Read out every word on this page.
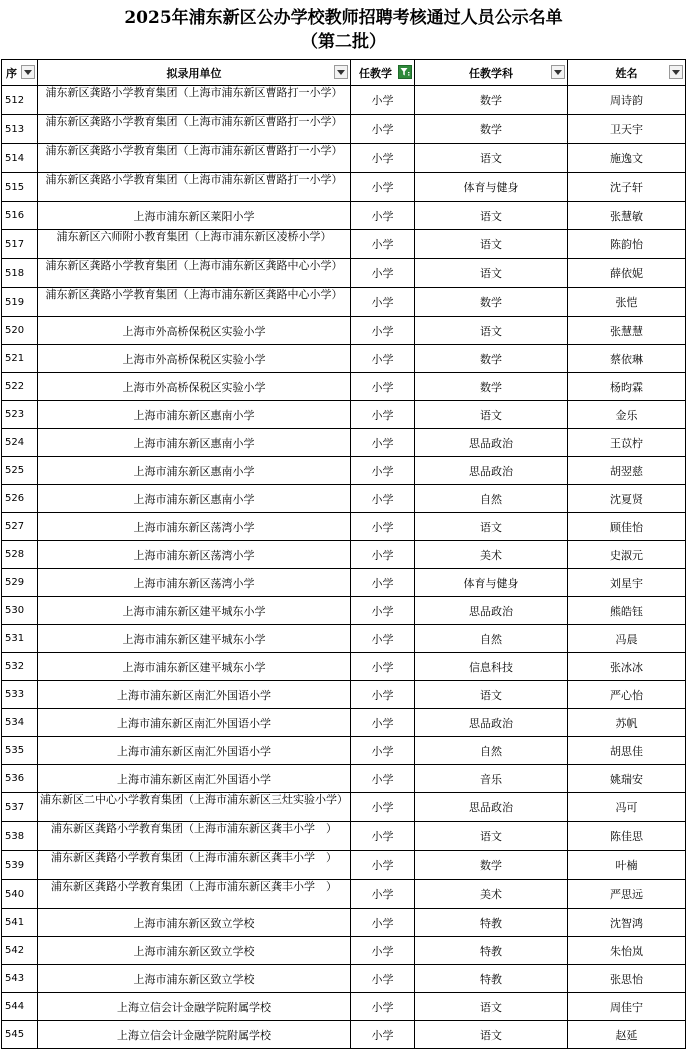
2025年浦东新区公办学校教师招聘考核通过人员公示名单
（第二批）
序	拟录用单位	任教学	任教学科	姓名

512	浦东新区龚路小学教育集团（上海市浦东新区曹路打一小学）	小学	数学	周诗韵
513	浦东新区龚路小学教育集团（上海市浦东新区曹路打一小学）	小学	数学	卫天宇
514	浦东新区龚路小学教育集团（上海市浦东新区曹路打一小学）	小学	语文	施逸文
515	浦东新区龚路小学教育集团（上海市浦东新区曹路打一小学）	小学	体育与健身	沈子轩
516	上海市浦东新区莱阳小学	小学	语文	张慧敏
517	浦东新区六师附小教育集团（上海市浦东新区凌桥小学）	小学	语文	陈韵怡
518	浦东新区龚路小学教育集团（上海市浦东新区龚路中心小学）	小学	语文	薛依妮
519	浦东新区龚路小学教育集团（上海市浦东新区龚路中心小学）	小学	数学	张恺
520	上海市外高桥保税区实验小学	小学	语文	张慧慧
521	上海市外高桥保税区实验小学	小学	数学	蔡依琳
522	上海市外高桥保税区实验小学	小学	数学	杨昀霖
523	上海市浦东新区惠南小学	小学	语文	金乐
524	上海市浦东新区惠南小学	小学	思品政治	王苡柠
525	上海市浦东新区惠南小学	小学	思品政治	胡翌慈
526	上海市浦东新区惠南小学	小学	自然	沈夏贤
527	上海市浦东新区荡湾小学	小学	语文	顾佳怡
528	上海市浦东新区荡湾小学	小学	美术	史淑元
529	上海市浦东新区荡湾小学	小学	体育与健身	刘星宇
530	上海市浦东新区建平城东小学	小学	思品政治	熊皓钰
531	上海市浦东新区建平城东小学	小学	自然	冯晨
532	上海市浦东新区建平城东小学	小学	信息科技	张冰冰
533	上海市浦东新区南汇外国语小学	小学	语文	严心怡
534	上海市浦东新区南汇外国语小学	小学	思品政治	苏帆
535	上海市浦东新区南汇外国语小学	小学	自然	胡思佳
536	上海市浦东新区南汇外国语小学	小学	音乐	姚瑞安
537	浦东新区二中心小学教育集团（上海市浦东新区三灶实验小学）	小学	思品政治	冯可
538	浦东新区龚路小学教育集团（上海市浦东新区龚丰小学　）	小学	语文	陈佳思
539	浦东新区龚路小学教育集团（上海市浦东新区龚丰小学　）	小学	数学	叶楠
540	浦东新区龚路小学教育集团（上海市浦东新区龚丰小学　）	小学	美术	严思远
541	上海市浦东新区致立学校	小学	特教	沈智鸿
542	上海市浦东新区致立学校	小学	特教	朱怡岚
543	上海市浦东新区致立学校	小学	特教	张思怡
544	上海立信会计金融学院附属学校	小学	语文	周佳宁
545	上海立信会计金融学院附属学校	小学	语文	赵延
